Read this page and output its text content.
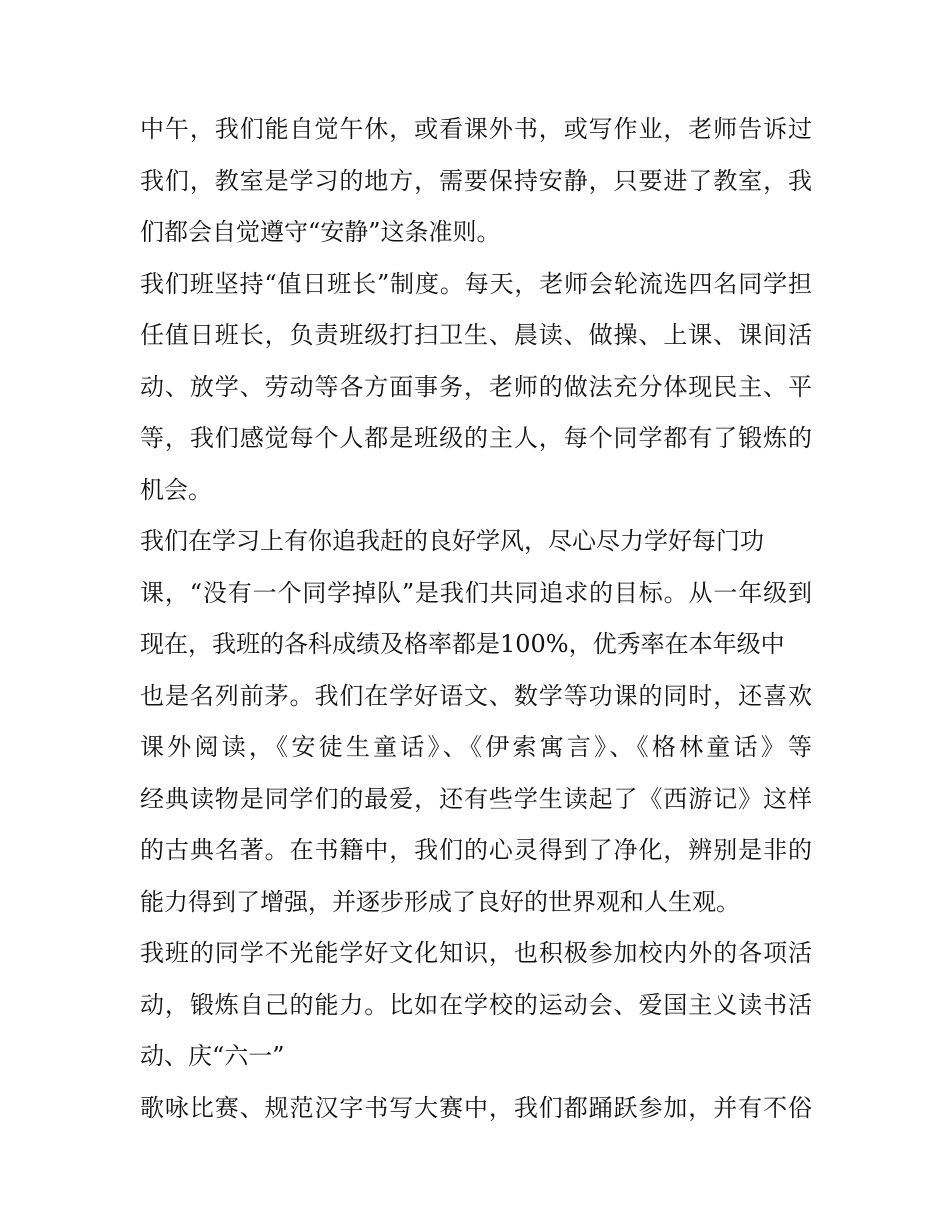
中午，我们能自觉午休，或看课外书，或写作业，老师告诉过
我们，教室是学习的地方，需要保持安静，只要进了教室，我
们都会自觉遵守“安静”这条准则。
我们班坚持“值日班长”制度。每天，老师会轮流选四名同学担
任值日班长，负责班级打扫卫生、晨读、做操、上课、课间活
动、放学、劳动等各方面事务，老师的做法充分体现民主、平
等，我们感觉每个人都是班级的主人，每个同学都有了锻炼的
机会。
我们在学习上有你追我赶的良好学风，尽心尽力学好每门功
课，“没有一个同学掉队”是我们共同追求的目标。从一年级到
现在，我班的各科成绩及格率都是100%，优秀率在本年级中
也是名列前茅。我们在学好语文、数学等功课的同时，还喜欢
课外阅读，《安徒生童话》、《伊索寓言》、《格林童话》等
经典读物是同学们的最爱，还有些学生读起了《西游记》这样
的古典名著。在书籍中，我们的心灵得到了净化，辨别是非的
能力得到了增强，并逐步形成了良好的世界观和人生观。
我班的同学不光能学好文化知识，也积极参加校内外的各项活
动，锻炼自己的能力。比如在学校的运动会、爱国主义读书活
动、庆“六一”
歌咏比赛、规范汉字书写大赛中，我们都踊跃参加，并有不俗
